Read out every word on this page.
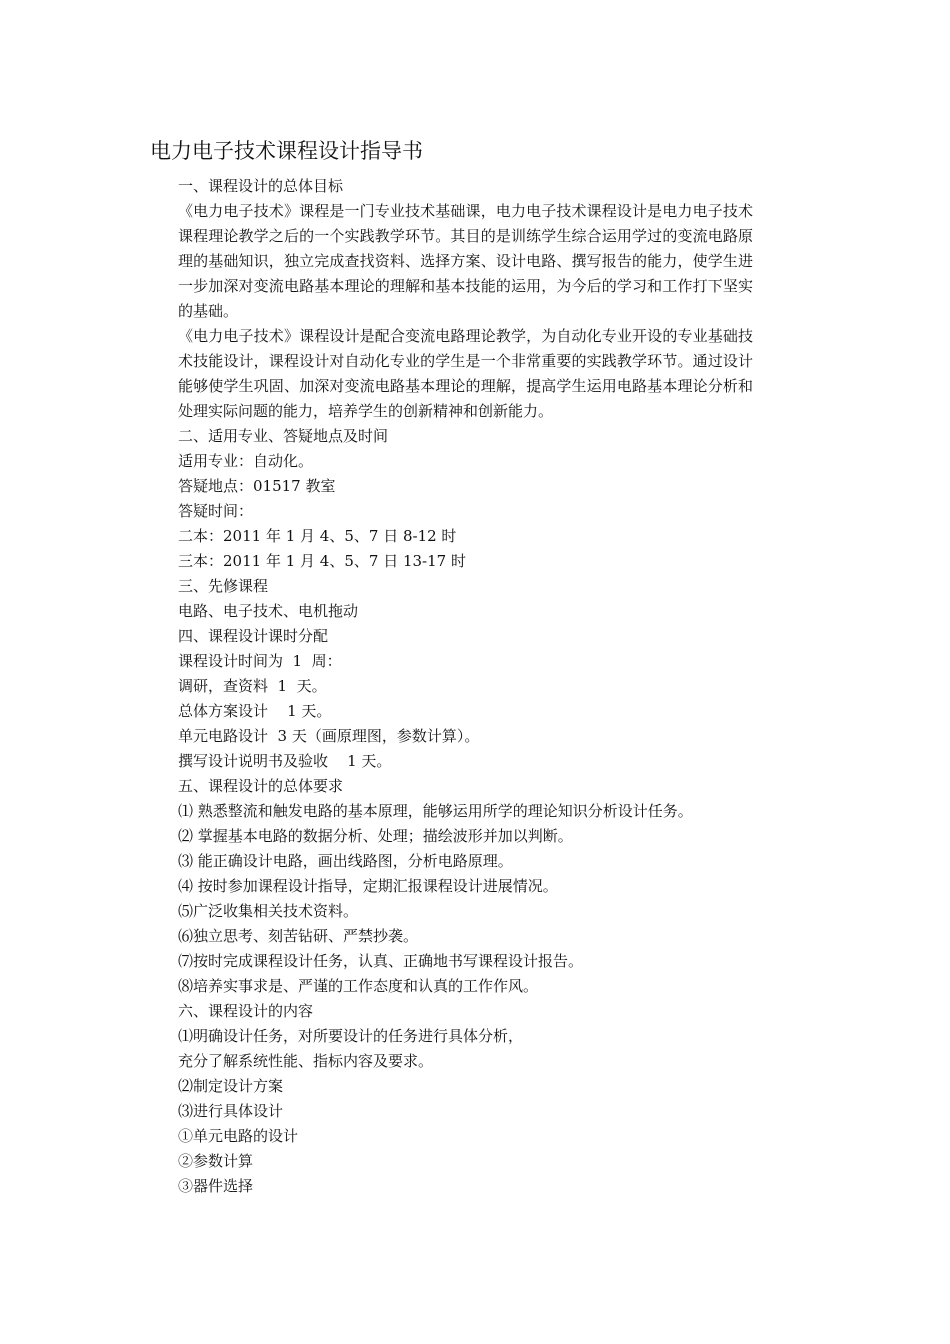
电力电子技术课程设计指导书

一、课程设计的总体目标

《电力电子技术》课程是一门专业技术基础课，电力电子技术课程设计是电力电子技术课程理论教学之后的一个实践教学环节。其目的是训练学生综合运用学过的变流电路原理的基础知识，独立完成查找资料、选择方案、设计电路、撰写报告的能力，使学生进一步加深对变流电路基本理论的理解和基本技能的运用，为今后的学习和工作打下坚实的基础。

《电力电子技术》课程设计是配合变流电路理论教学，为自动化专业开设的专业基础技术技能设计，课程设计对自动化专业的学生是一个非常重要的实践教学环节。通过设计能够使学生巩固、加深对变流电路基本理论的理解，提高学生运用电路基本理论分析和处理实际问题的能力，培养学生的创新精神和创新能力。

二、适用专业、答疑地点及时间

适用专业：自动化。

答疑地点：01517 教室

答疑时间：

二本：2011 年 1 月 4、5、7 日 8-12 时

三本：2011 年 1 月 4、5、7 日 13-17 时

三、先修课程

电路、电子技术、电机拖动

四、课程设计课时分配

课程设计时间为  1  周：

调研，查资料  1  天。

总体方案设计    1 天。

单元电路设计  3 天（画原理图，参数计算）。

撰写设计说明书及验收    1 天。

五、课程设计的总体要求

⑴ 熟悉整流和触发电路的基本原理，能够运用所学的理论知识分析设计任务。

⑵ 掌握基本电路的数据分析、处理；描绘波形并加以判断。

⑶ 能正确设计电路，画出线路图，分析电路原理。

⑷ 按时参加课程设计指导，定期汇报课程设计进展情况。

⑸广泛收集相关技术资料。

⑹独立思考、刻苦钻研、严禁抄袭。

⑺按时完成课程设计任务，认真、正确地书写课程设计报告。

⑻培养实事求是、严谨的工作态度和认真的工作作风。

六、课程设计的内容

⑴明确设计任务，对所要设计的任务进行具体分析，

充分了解系统性能、指标内容及要求。

⑵制定设计方案

⑶进行具体设计

①单元电路的设计

②参数计算

③器件选择
